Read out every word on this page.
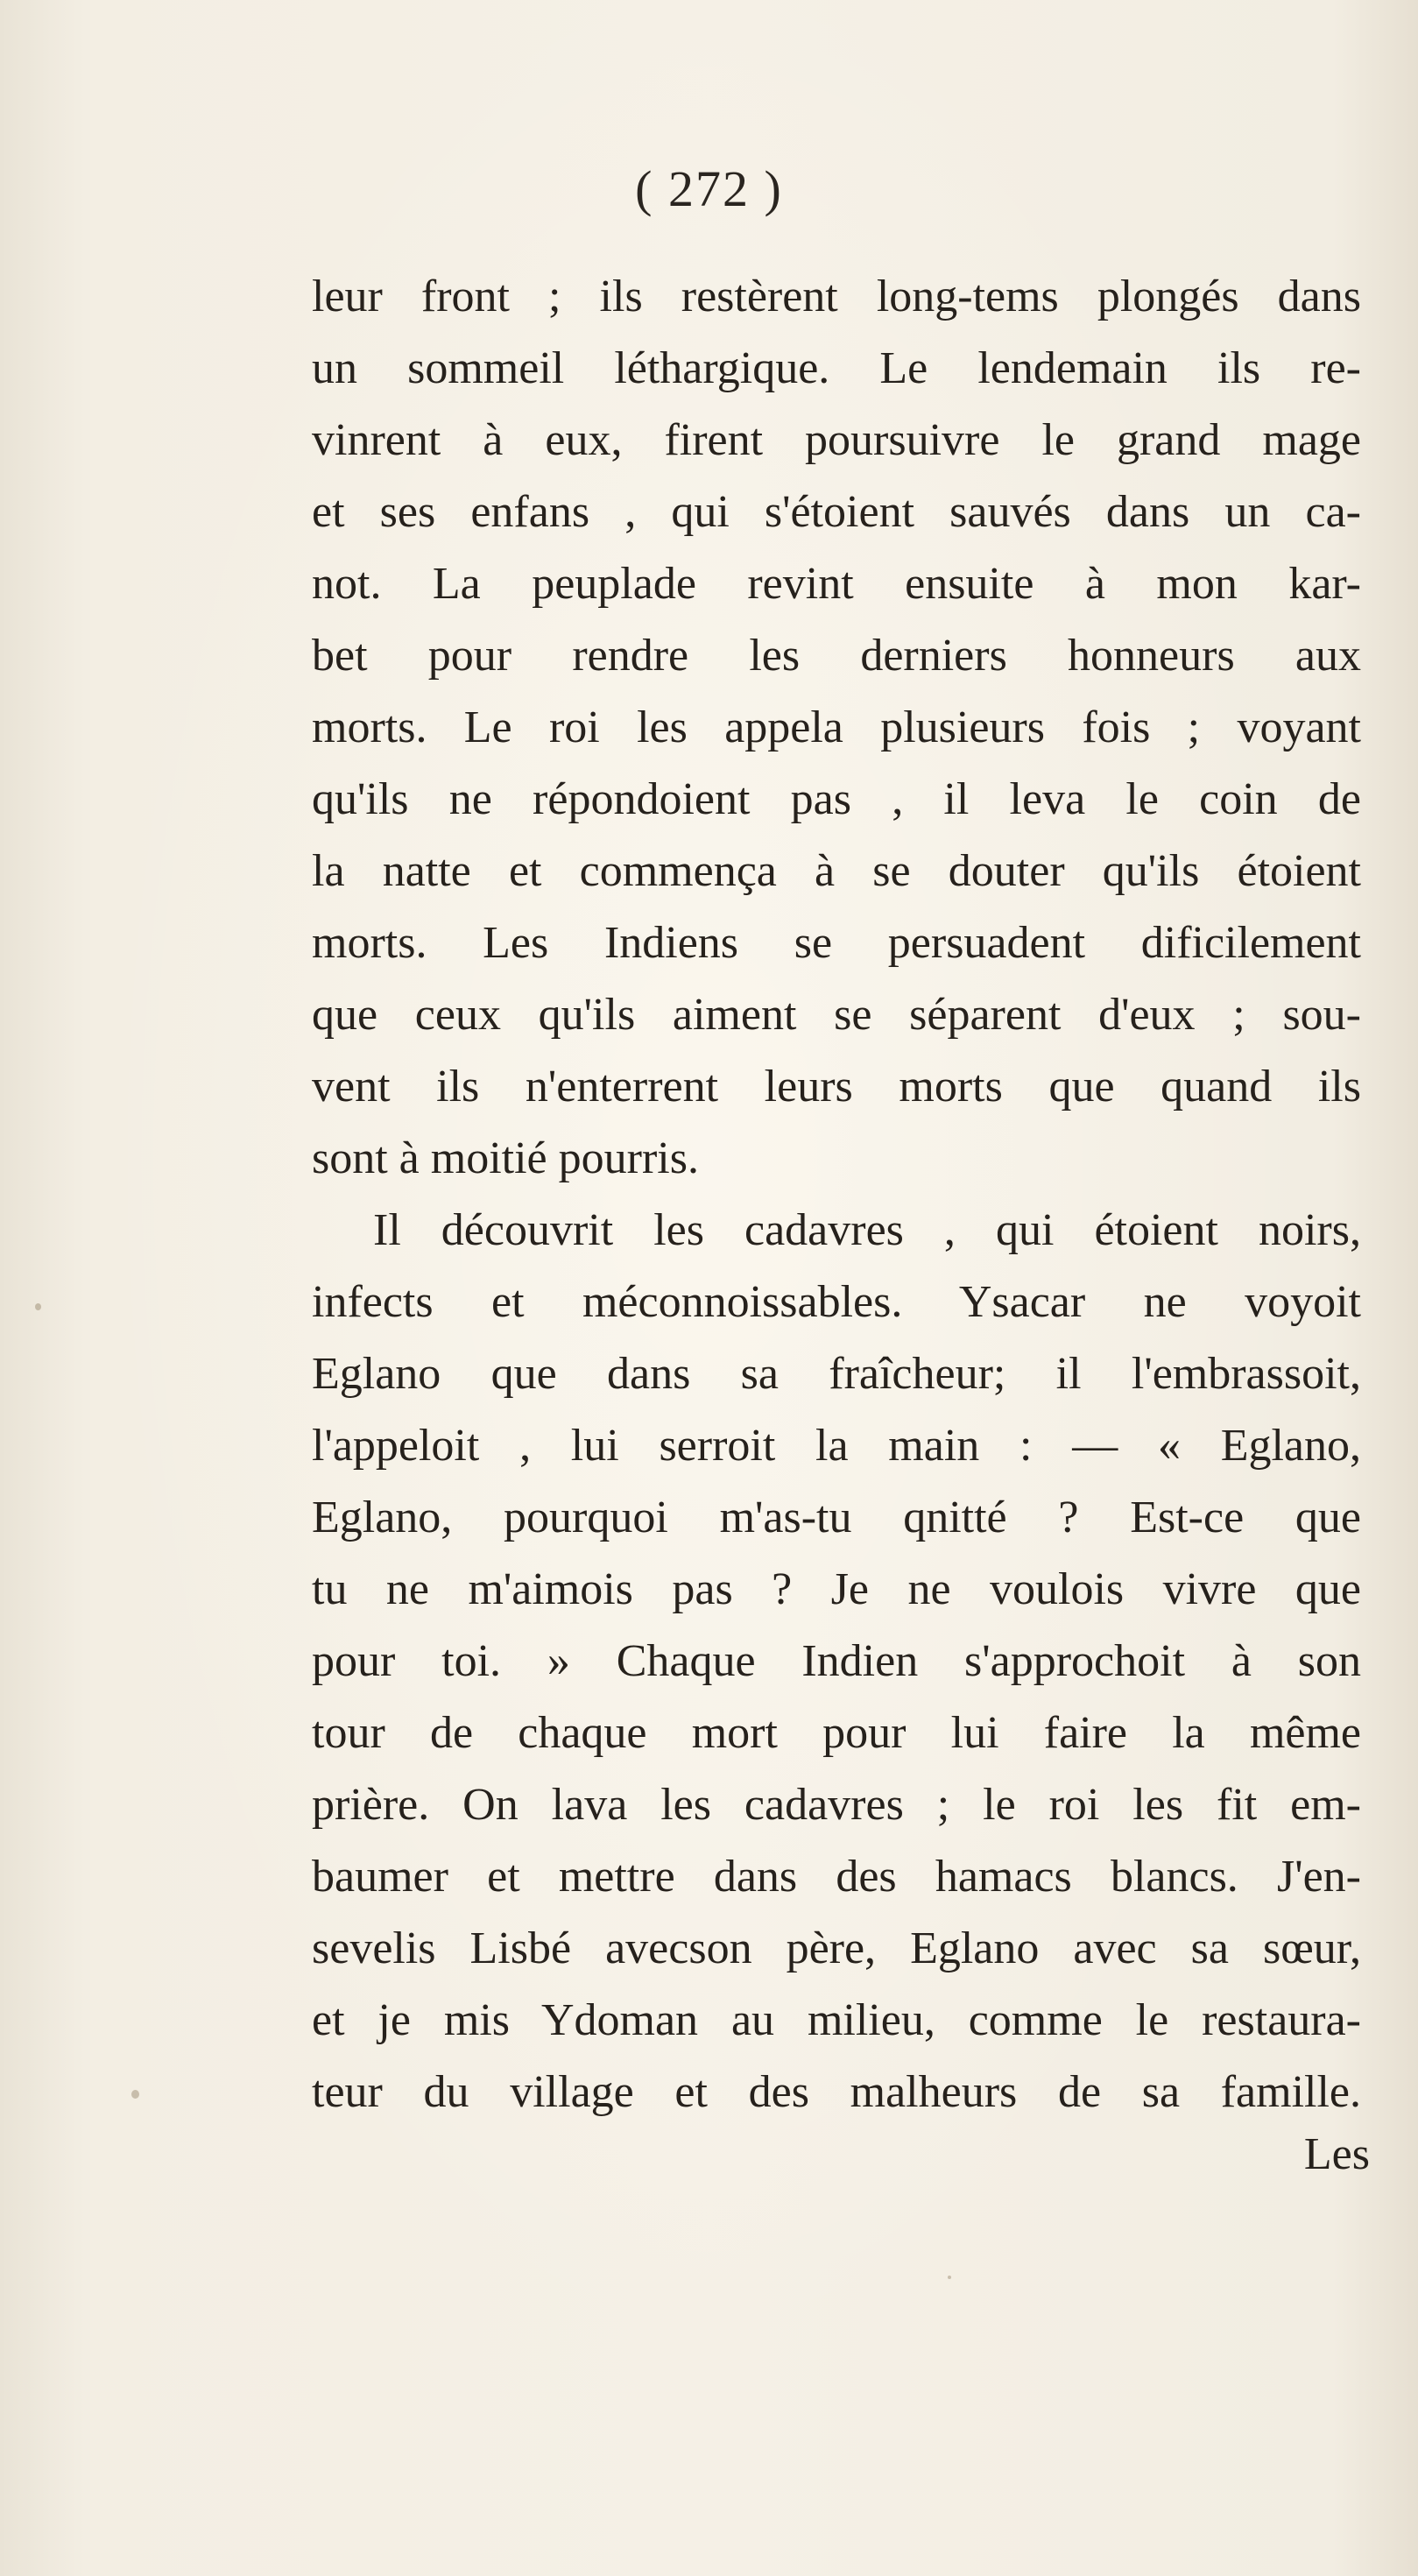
( 272 )
leur front ; ils restèrent long-tems plongés dans
un sommeil léthargique. Le lendemain ils re-
vinrent à eux, firent poursuivre le grand mage
et ses enfans , qui s'étoient sauvés dans un ca-
not. La peuplade revint ensuite à mon kar-
bet pour rendre les derniers honneurs aux
morts. Le roi les appela plusieurs fois ; voyant
qu'ils ne répondoient pas , il leva le coin de
la natte et commença à se douter qu'ils étoient
morts. Les Indiens se persuadent dificilement
que ceux qu'ils aiment se séparent d'eux ; sou-
vent ils n'enterrent leurs morts que quand ils
sont à moitié pourris.
Il découvrit les cadavres , qui étoient noirs,
infects et méconnoissables. Ysacar ne voyoit
Eglano que dans sa fraîcheur; il l'embrassoit,
l'appeloit , lui serroit la main : — « Eglano,
Eglano, pourquoi m'as-tu qnitté ? Est-ce que
tu ne m'aimois pas ? Je ne voulois vivre que
pour toi. » Chaque Indien s'approchoit à son
tour de chaque mort pour lui faire la même
prière. On lava les cadavres ; le roi les fit em-
baumer et mettre dans des hamacs blancs. J'en-
sevelis Lisbé avecson père, Eglano avec sa sœur,
et je mis Ydoman au milieu, comme le restaura-
teur du village et des malheurs de sa famille.
Les
